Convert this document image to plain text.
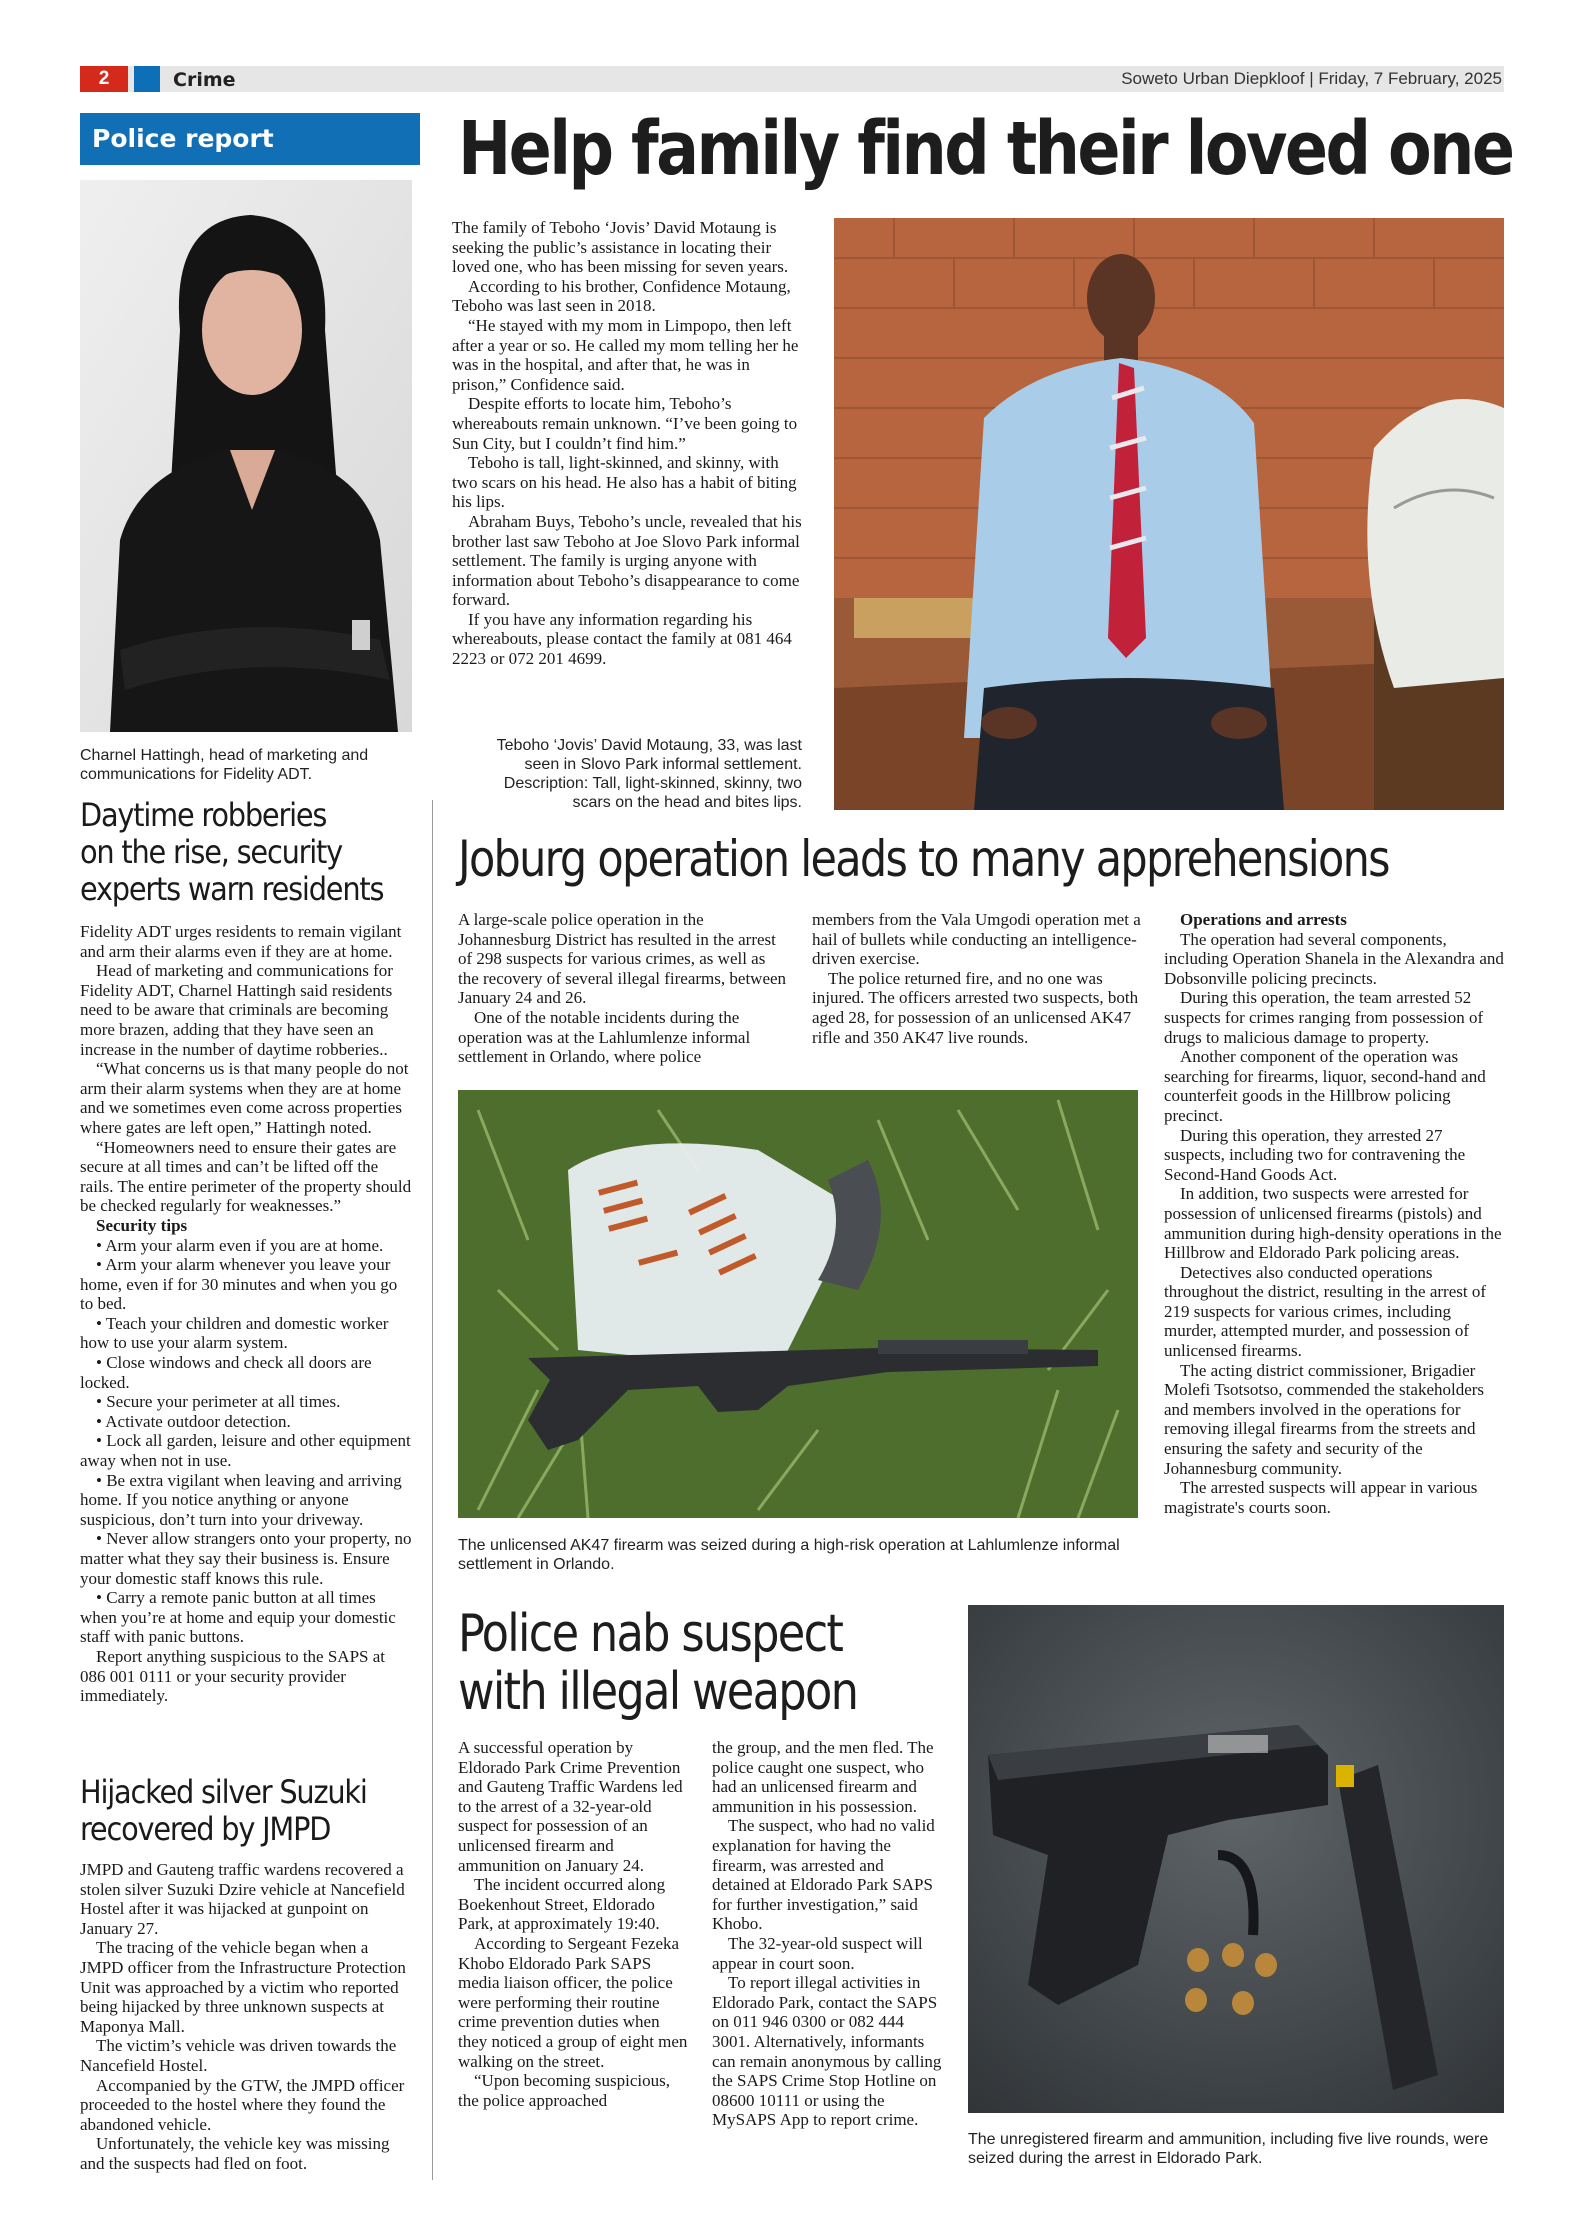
2	Crime	Soweto Urban Diepkloof | Friday, 7 February, 2025
Police report
Charnel Hattingh, head of marketing and communications for Fidelity ADT.
Daytime robberies
on the rise, security
experts warn residents

Fidelity ADT urges residents to remain vigilant and arm their alarms even if they are at home.

Head of marketing and communications for Fidelity ADT, Charnel Hattingh said residents need to be aware that criminals are becoming more brazen, adding that they have seen an increase in the number of daytime robberies..

“What concerns us is that many people do not arm their alarm systems when they are at home and we sometimes even come across properties where gates are left open,” Hattingh noted.

“Homeowners need to ensure their gates are secure at all times and can’t be lifted off the rails. The entire perimeter of the property should be checked regularly for weaknesses.”

Security tips

• Arm your alarm even if you are at home.

• Arm your alarm whenever you leave your home, even if for 30 minutes and when you go to bed.

• Teach your children and domestic worker how to use your alarm system.

• Close windows and check all doors are locked.

• Secure your perimeter at all times.

• Activate outdoor detection.

• Lock all garden, leisure and other equipment away when not in use.

• Be extra vigilant when leaving and arriving home. If you notice anything or anyone suspicious, don’t turn into your driveway.

• Never allow strangers onto your property, no matter what they say their business is. Ensure your domestic staff knows this rule.

• Carry a remote panic button at all times when you’re at home and equip your domestic staff with panic buttons.

Report anything suspicious to the SAPS at 086 001 0111 or your security provider immediately.

Hijacked silver Suzuki
recovered by JMPD

JMPD and Gauteng traffic wardens recovered a stolen silver Suzuki Dzire vehicle at Nancefield Hostel after it was hijacked at gunpoint on January 27.

The tracing of the vehicle began when a JMPD officer from the Infrastructure Protection Unit was approached by a victim who reported being hijacked by three unknown suspects at Maponya Mall.

The victim’s vehicle was driven towards the Nancefield Hostel.

Accompanied by the GTW, the JMPD officer proceeded to the hostel where they found the abandoned vehicle.

Unfortunately, the vehicle key was missing and the suspects had fled on foot.

Help family find their loved one

The family of Teboho ‘Jovis’ David Motaung is seeking the public’s assistance in locating their loved one, who has been missing for seven years.

According to his brother, Confidence Motaung, Teboho was last seen in 2018.

“He stayed with my mom in Limpopo, then left after a year or so. He called my mom telling her he was in the hospital, and after that, he was in prison,” Confidence said.

Despite efforts to locate him, Teboho’s whereabouts remain unknown. “I’ve been going to Sun City, but I couldn’t find him.”

Teboho is tall, light-skinned, and skinny, with two scars on his head. He also has a habit of biting his lips.

Abraham Buys, Teboho’s uncle, revealed that his brother last saw Teboho at Joe Slovo Park informal settlement. The family is urging anyone with information about Teboho’s disappearance to come forward.

If you have any information regarding his whereabouts, please contact the family at 081 464 2223 or 072 201 4699.

Teboho ‘Jovis’ David Motaung, 33, was last seen in Slovo Park informal settlement. Description: Tall, light-skinned, skinny, two scars on the head and bites lips.
Joburg operation leads to many apprehensions

A large-scale police operation in the Johannesburg District has resulted in the arrest of 298 suspects for various crimes, as well as the recovery of several illegal firearms, between January 24 and 26.

One of the notable incidents during the operation was at the Lahlumlenze informal settlement in Orlando, where police

members from the Vala Umgodi operation met a hail of bullets while conducting an intelligence-driven exercise.

The police returned fire, and no one was injured. The officers arrested two suspects, both aged 28, for possession of an unlicensed AK47 rifle and 350 AK47 live rounds.

Operations and arrests

The operation had several components, including Operation Shanela in the Alexandra and Dobsonville policing precincts.

During this operation, the team arrested 52 suspects for crimes ranging from possession of drugs to malicious damage to property.

Another component of the operation was searching for firearms, liquor, second-hand and counterfeit goods in the Hillbrow policing precinct.

During this operation, they arrested 27 suspects, including two for contravening the Second-Hand Goods Act.

In addition, two suspects were arrested for possession of unlicensed firearms (pistols) and ammunition during high-density operations in the Hillbrow and Eldorado Park policing areas.

Detectives also conducted operations throughout the district, resulting in the arrest of 219 suspects for various crimes, including murder, attempted murder, and possession of unlicensed firearms.

The acting district commissioner, Brigadier Molefi Tsotsotso, commended the stakeholders and members involved in the operations for removing illegal firearms from the streets and ensuring the safety and security of the Johannesburg community.

The arrested suspects will appear in various magistrate's courts soon.

The unlicensed AK47 firearm was seized during a high-risk operation at Lahlumlenze informal settlement in Orlando.
Police nab suspect
with illegal weapon

A successful operation by Eldorado Park Crime Prevention and Gauteng Traffic Wardens led to the arrest of a 32-year-old suspect for possession of an unlicensed firearm and ammunition on January 24.

The incident occurred along Boekenhout Street, Eldorado Park, at approximately 19:40.

According to Sergeant Fezeka Khobo Eldorado Park SAPS media liaison officer, the police were performing their routine crime prevention duties when they noticed a group of eight men walking on the street.

“Upon becoming suspicious, the police approached

the group, and the men fled. The police caught one suspect, who had an unlicensed firearm and ammunition in his possession.

The suspect, who had no valid explanation for having the firearm, was arrested and detained at Eldorado Park SAPS for further investigation,” said Khobo.

The 32-year-old suspect will appear in court soon.

To report illegal activities in Eldorado Park, contact the SAPS on 011 946 0300 or 082 444 3001. Alternatively, informants can remain anonymous by calling the SAPS Crime Stop Hotline on 08600 10111 or using the MySAPS App to report crime.

The unregistered firearm and ammunition, including five live rounds, were seized during the arrest in Eldorado Park.
